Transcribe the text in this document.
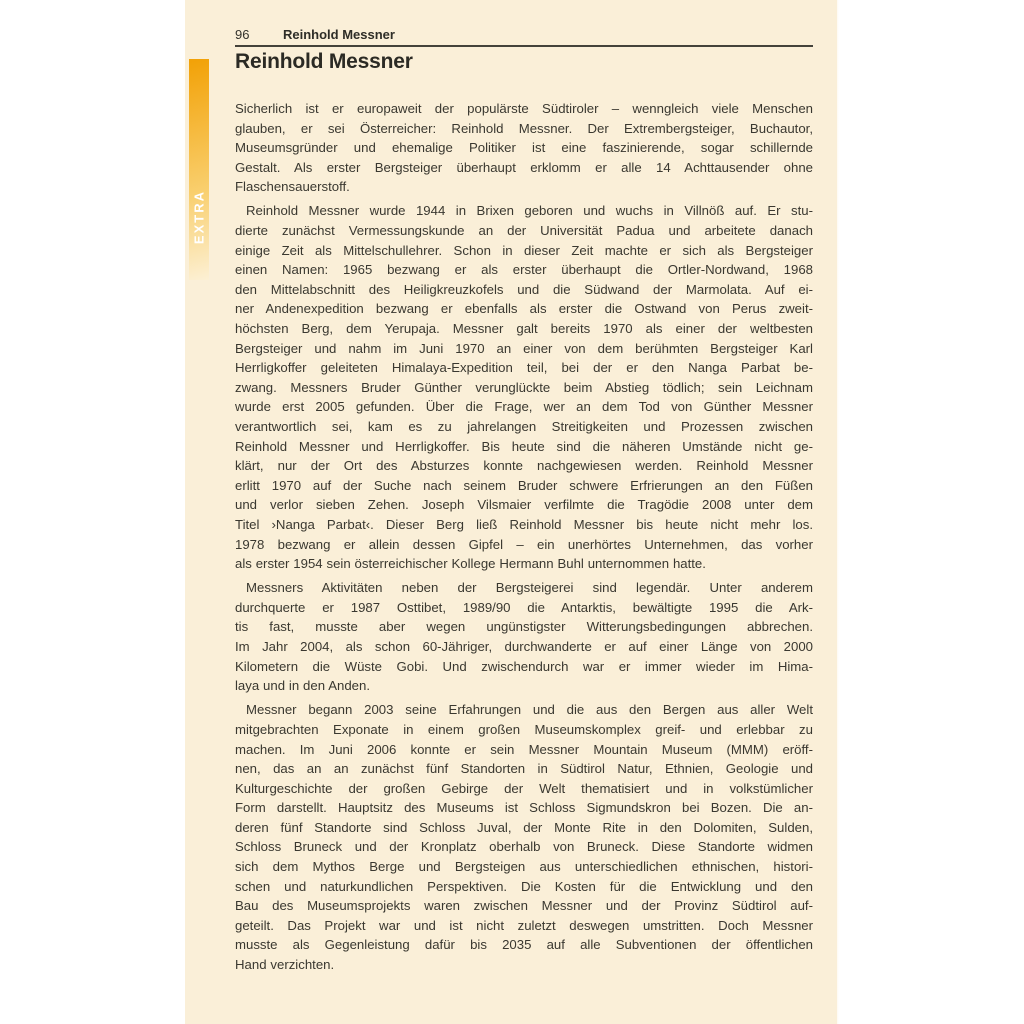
EXTRA
96	Reinhold Messner
Reinhold Messner
Sicherlich ist er europaweit der populärste Südtiroler – wenngleich viele Menschen
glauben, er sei Österreicher: Reinhold Messner. Der Extrembergsteiger, Buchautor,
Museumsgründer und ehemalige Politiker ist eine faszinierende, sogar schillernde
Gestalt. Als erster Bergsteiger überhaupt erklomm er alle 14 Achttausender ohne
Flaschensauerstoff.
Reinhold Messner wurde 1944 in Brixen geboren und wuchs in Villnöß auf. Er stu-
dierte zunächst Vermessungskunde an der Universität Padua und arbeitete danach
einige Zeit als Mittelschullehrer. Schon in dieser Zeit machte er sich als Bergsteiger
einen Namen: 1965 bezwang er als erster überhaupt die Ortler-Nordwand, 1968
den Mittelabschnitt des Heiligkreuzkofels und die Südwand der Marmolata. Auf ei-
ner Andenexpedition bezwang er ebenfalls als erster die Ostwand von Perus zweit-
höchsten Berg, dem Yerupaja. Messner galt bereits 1970 als einer der weltbesten
Bergsteiger und nahm im Juni 1970 an einer von dem berühmten Bergsteiger Karl
Herrligkoffer geleiteten Himalaya-Expedition teil, bei der er den Nanga Parbat be-
zwang. Messners Bruder Günther verunglückte beim Abstieg tödlich; sein Leichnam
wurde erst 2005 gefunden. Über die Frage, wer an dem Tod von Günther Messner
verantwortlich sei, kam es zu jahrelangen Streitigkeiten und Prozessen zwischen
Reinhold Messner und Herrligkoffer. Bis heute sind die näheren Umstände nicht ge-
klärt, nur der Ort des Absturzes konnte nachgewiesen werden. Reinhold Messner
erlitt 1970 auf der Suche nach seinem Bruder schwere Erfrierungen an den Füßen
und verlor sieben Zehen. Joseph Vilsmaier verfilmte die Tragödie 2008 unter dem
Titel ›Nanga Parbat‹. Dieser Berg ließ Reinhold Messner bis heute nicht mehr los.
1978 bezwang er allein dessen Gipfel – ein unerhörtes Unternehmen, das vorher
als erster 1954 sein österreichischer Kollege Hermann Buhl unternommen hatte.
Messners Aktivitäten neben der Bergsteigerei sind legendär. Unter anderem
durchquerte er 1987 Osttibet, 1989/90 die Antarktis, bewältigte 1995 die Ark-
tis fast, musste aber wegen ungünstigster Witterungsbedingungen abbrechen.
Im Jahr 2004, als schon 60-Jähriger, durchwanderte er auf einer Länge von 2000
Kilometern die Wüste Gobi. Und zwischendurch war er immer wieder im Hima-
laya und in den Anden.
Messner begann 2003 seine Erfahrungen und die aus den Bergen aus aller Welt
mitgebrachten Exponate in einem großen Museumskomplex greif- und erlebbar zu
machen. Im Juni 2006 konnte er sein Messner Mountain Museum (MMM) eröff-
nen, das an an zunächst fünf Standorten in Südtirol Natur, Ethnien, Geologie und
Kulturgeschichte der großen Gebirge der Welt thematisiert und in volkstümlicher
Form darstellt. Hauptsitz des Museums ist Schloss Sigmundskron bei Bozen. Die an-
deren fünf Standorte sind Schloss Juval, der Monte Rite in den Dolomiten, Sulden,
Schloss Bruneck und der Kronplatz oberhalb von Bruneck. Diese Standorte widmen
sich dem Mythos Berge und Bergsteigen aus unterschiedlichen ethnischen, histori-
schen und naturkundlichen Perspektiven. Die Kosten für die Entwicklung und den
Bau des Museumsprojekts waren zwischen Messner und der Provinz Südtirol auf-
geteilt. Das Projekt war und ist nicht zuletzt deswegen umstritten. Doch Messner
musste als Gegenleistung dafür bis 2035 auf alle Subventionen der öffentlichen
Hand verzichten.
